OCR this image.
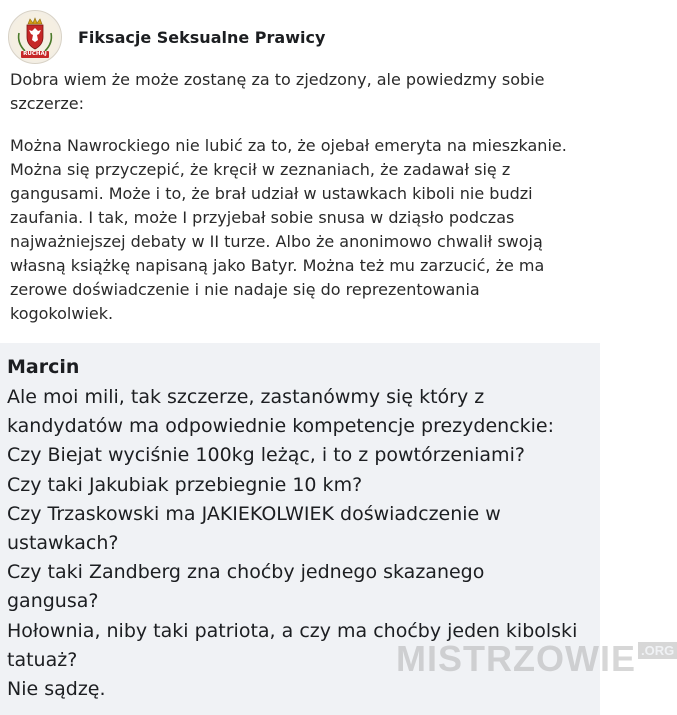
RUCHAJ
Fiksacje Seksualne Prawicy
Dobra wiem że może zostanę za to zjedzony, ale powiedzmy sobie
szczerze:
Można Nawrockiego nie lubić za to, że ojebał emeryta na mieszkanie.
Można się przyczepić, że kręcił w zeznaniach, że zadawał się z
gangusami. Może i to, że brał udział w ustawkach kiboli nie budzi
zaufania. I tak, może I przyjebał sobie snusa w dziąsło podczas
najważniejszej debaty w II turze. Albo że anonimowo chwalił swoją
własną książkę napisaną jako Batyr. Można też mu zarzucić, że ma
zerowe doświadczenie i nie nadaje się do reprezentowania
kogokolwiek.
Marcin
Ale moi mili, tak szczerze, zastanówmy się który z
kandydatów ma odpowiednie kompetencje prezydenckie:
Czy Biejat wyciśnie 100kg leżąc, i to z powtórzeniami?
Czy taki Jakubiak przebiegnie 10 km?
Czy Trzaskowski ma JAKIEKOLWIEK doświadczenie w
ustawkach?
Czy taki Zandberg zna choćby jednego skazanego
gangusa?
Hołownia, niby taki patriota, a czy ma choćby jeden kibolski
tatuaż?
Nie sądzę.
MISTRZOWIE .ORG
